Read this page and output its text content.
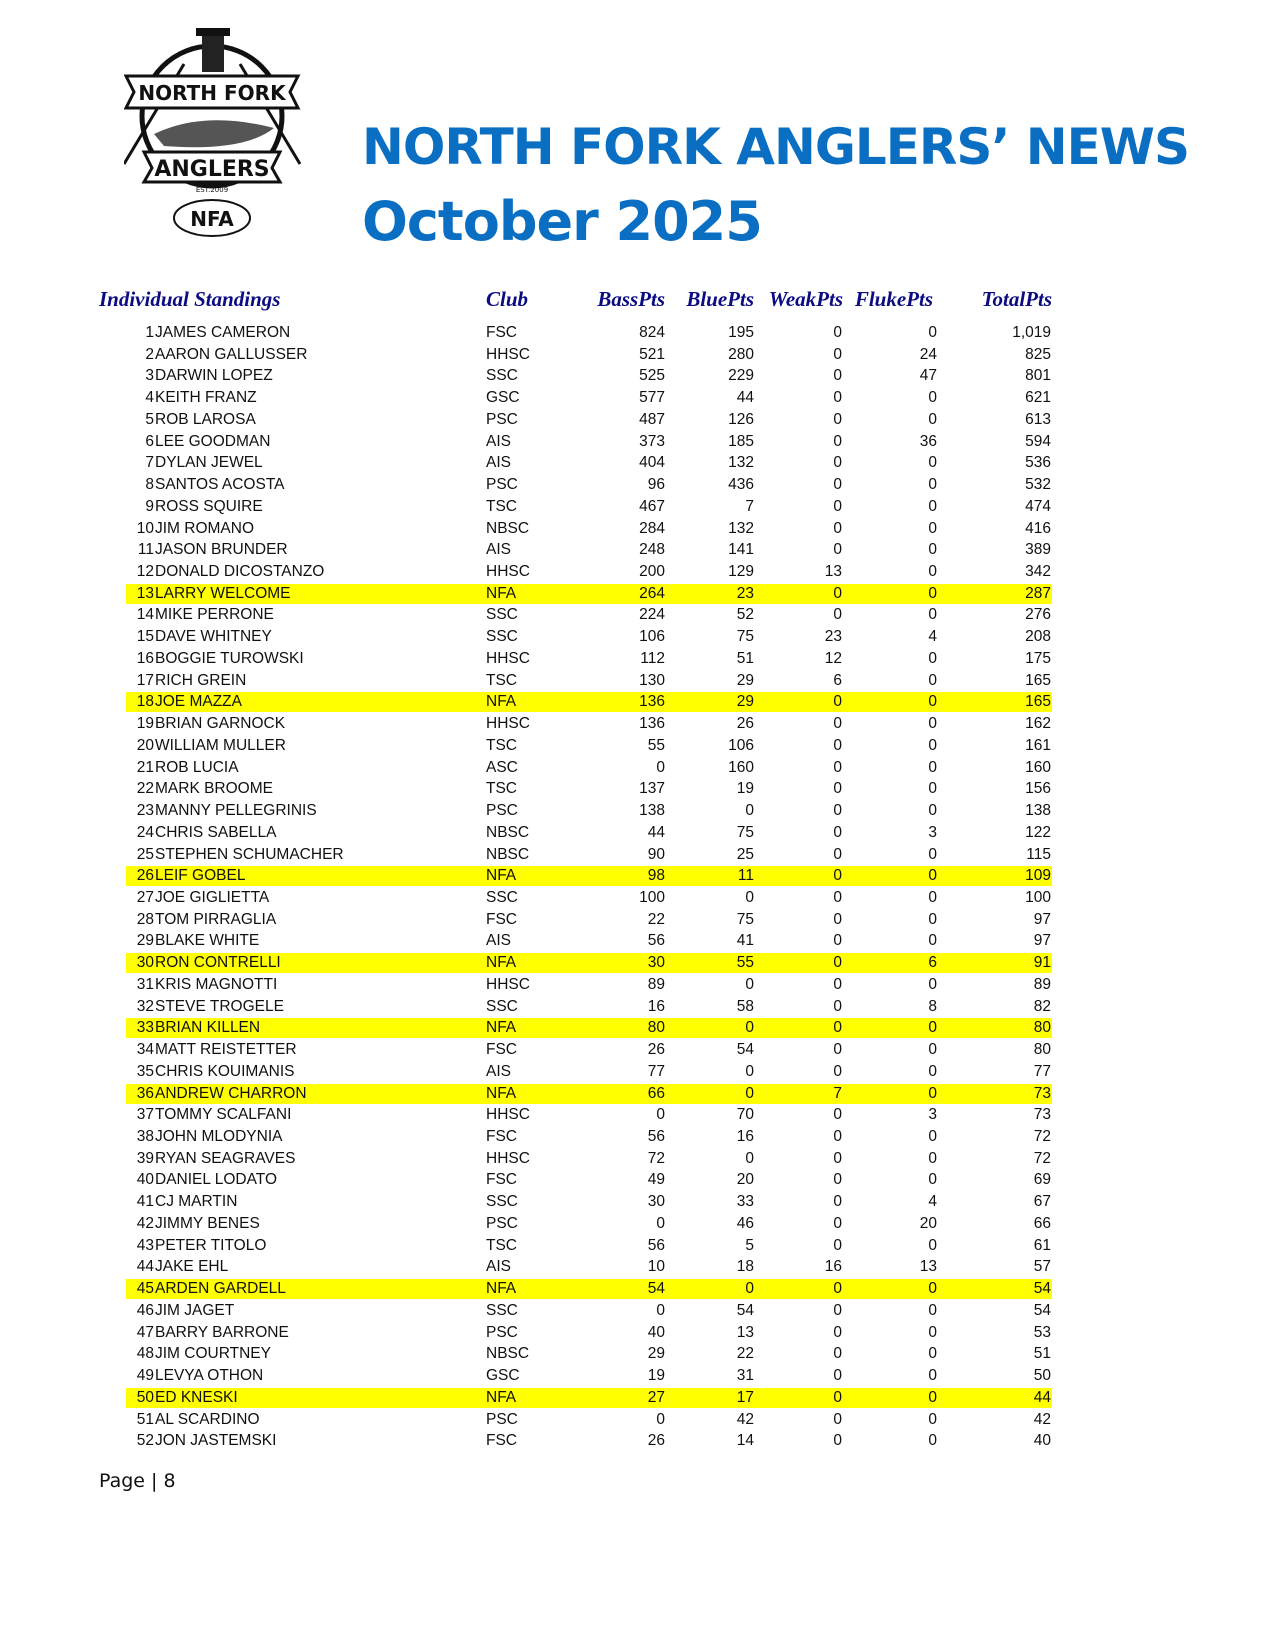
NORTH FORK
ANGLERS
EST.2009
NFA
NORTH FORK ANGLERS’ NEWS
October 2025
Individual Standings	Club	BassPts BluePts WeakPts FlukePts TotalPts
1 JAMES CAMERON	FSC	824	195	0	0	1,019
2 AARON GALLUSSER	HHSC	521	280	0	24	825
3 DARWIN LOPEZ	SSC	525	229	0	47	801
4 KEITH FRANZ	GSC	577	44	0	0	621
5 ROB LAROSA	PSC	487	126	0	0	613
6 LEE GOODMAN	AIS	373	185	0	36	594
7 DYLAN JEWEL	AIS	404	132	0	0	536
8 SANTOS ACOSTA	PSC	96	436	0	0	532
9 ROSS SQUIRE	TSC	467	7	0	0	474
10 JIM ROMANO	NBSC	284	132	0	0	416
11 JASON BRUNDER	AIS	248	141	0	0	389
12 DONALD DICOSTANZO	HHSC	200	129	13	0	342
13 LARRY WELCOME	NFA	264	23	0	0	287
14 MIKE PERRONE	SSC	224	52	0	0	276
15 DAVE WHITNEY	SSC	106	75	23	4	208
16 BOGGIE TUROWSKI	HHSC	112	51	12	0	175
17 RICH GREIN	TSC	130	29	6	0	165
18 JOE MAZZA	NFA	136	29	0	0	165
19 BRIAN GARNOCK	HHSC	136	26	0	0	162
20 WILLIAM MULLER	TSC	55	106	0	0	161
21 ROB LUCIA	ASC	0	160	0	0	160
22 MARK BROOME	TSC	137	19	0	0	156
23 MANNY PELLEGRINIS	PSC	138	0	0	0	138
24 CHRIS SABELLA	NBSC	44	75	0	3	122
25 STEPHEN SCHUMACHER	NBSC	90	25	0	0	115
26 LEIF GOBEL	NFA	98	11	0	0	109
27 JOE GIGLIETTA	SSC	100	0	0	0	100
28 TOM PIRRAGLIA	FSC	22	75	0	0	97
29 BLAKE WHITE	AIS	56	41	0	0	97
30 RON CONTRELLI	NFA	30	55	0	6	91
31 KRIS MAGNOTTI	HHSC	89	0	0	0	89
32 STEVE TROGELE	SSC	16	58	0	8	82
33 BRIAN KILLEN	NFA	80	0	0	0	80
34 MATT REISTETTER	FSC	26	54	0	0	80
35 CHRIS KOUIMANIS	AIS	77	0	0	0	77
36 ANDREW CHARRON	NFA	66	0	7	0	73
37 TOMMY SCALFANI	HHSC	0	70	0	3	73
38 JOHN MLODYNIA	FSC	56	16	0	0	72
39 RYAN SEAGRAVES	HHSC	72	0	0	0	72
40 DANIEL LODATO	FSC	49	20	0	0	69
41 CJ MARTIN	SSC	30	33	0	4	67
42 JIMMY BENES	PSC	0	46	0	20	66
43 PETER TITOLO	TSC	56	5	0	0	61
44 JAKE EHL	AIS	10	18	16	13	57
45 ARDEN GARDELL	NFA	54	0	0	0	54
46 JIM JAGET	SSC	0	54	0	0	54
47 BARRY BARRONE	PSC	40	13	0	0	53
48 JIM COURTNEY	NBSC	29	22	0	0	51
49 LEVYA OTHON	GSC	19	31	0	0	50
50 ED KNESKI	NFA	27	17	0	0	44
51 AL SCARDINO	PSC	0	42	0	0	42
52 JON JASTEMSKI	FSC	26	14	0	0	40
Page | 8
